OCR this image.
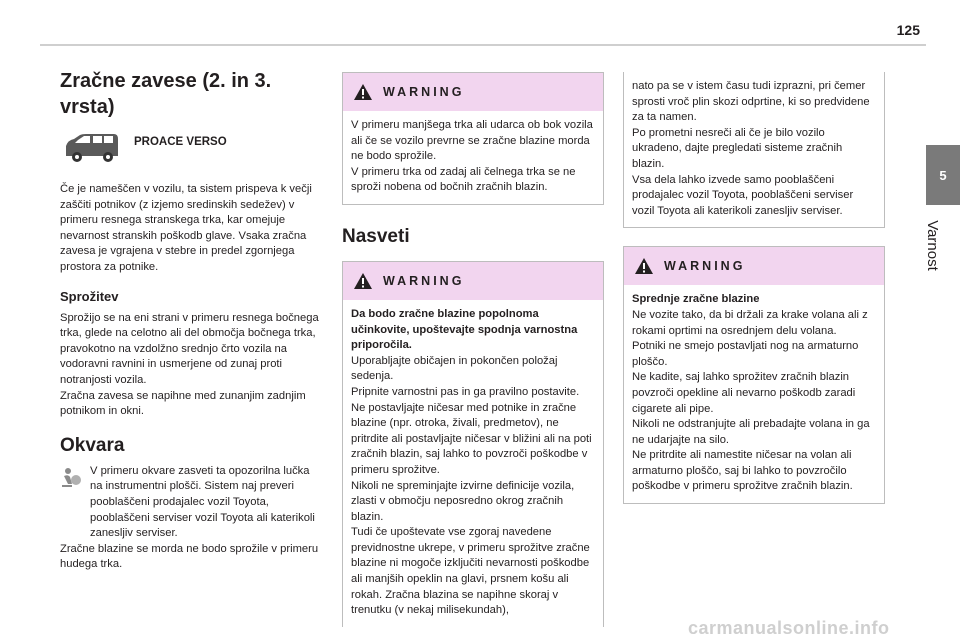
125
5
Varnost
Zračne zavese (2. in 3. vrsta)
PROACE VERSO

Če je nameščen v vozilu, ta sistem prispeva k večji zaščiti potnikov (z izjemo sredinskih sedežev) v primeru resnega stranskega trka, kar omejuje nevarnost stranskih poškodb glave. Vsaka zračna zavesa je vgrajena v stebre in predel zgornjega prostora za potnike.

Sprožitev

Sprožijo se na eni strani v primeru resnega bočnega trka, glede na celotno ali del območja bočnega trka, pravokotno na vzdolžno srednjo črto vozila na vodoravni ravnini in usmerjene od zunaj proti notranjosti vozila.

Zračna zavesa se napihne med zunanjim zadnjim potnikom in okni.

Okvara

V primeru okvare zasveti ta opozorilna lučka na instrumentni plošči. Sistem naj preveri pooblaščeni prodajalec vozil Toyota, pooblaščeni serviser vozil Toyota ali katerikoli zanesljiv serviser.

Zračne blazine se morda ne bodo sprožile v primeru hudega trka.

WARNING

V primeru manjšega trka ali udarca ob bok vozila ali če se vozilo prevrne se zračne blazine morda ne bodo sprožile.

V primeru trka od zadaj ali čelnega trka se ne sproži nobena od bočnih zračnih blazin.

Nasveti
WARNING

Da bodo zračne blazine popolnoma učinkovite, upoštevajte spodnja varnostna priporočila.

Uporabljajte običajen in pokončen položaj sedenja.

Pripnite varnostni pas in ga pravilno postavite.

Ne postavljajte ničesar med potnike in zračne blazine (npr. otroka, živali, predmetov), ne pritrdite ali postavljajte ničesar v bližini ali na poti zračnih blazin, saj lahko to povzroči poškodbe v primeru sprožitve.

Nikoli ne spreminjajte izvirne definicije vozila, zlasti v območju neposredno okrog zračnih blazin.

Tudi če upoštevate vse zgoraj navedene previdnostne ukrepe, v primeru sprožitve zračne blazine ni mogoče izključiti nevarnosti poškodbe ali manjših opeklin na glavi, prsnem košu ali rokah. Zračna blazina se napihne skoraj v trenutku (v nekaj milisekundah),

nato pa se v istem času tudi izprazni, pri čemer sprosti vroč plin skozi odprtine, ki so predvidene za ta namen.

Po prometni nesreči ali če je bilo vozilo ukradeno, dajte pregledati sisteme zračnih blazin.

Vsa dela lahko izvede samo pooblaščeni prodajalec vozil Toyota, pooblaščeni serviser vozil Toyota ali katerikoli zanesljiv serviser.

WARNING

Sprednje zračne blazine

Ne vozite tako, da bi držali za krake volana ali z rokami oprtimi na osrednjem delu volana.

Potniki ne smejo postavljati nog na armaturno ploščo.

Ne kadite, saj lahko sprožitev zračnih blazin povzroči opekline ali nevarno poškodb zaradi cigarete ali pipe.

Nikoli ne odstranjujte ali prebadajte volana in ga ne udarjajte na silo.

Ne pritrdite ali namestite ničesar na volan ali armaturno ploščo, saj bi lahko to povzročilo poškodbe v primeru sprožitve zračnih blazin.

carmanualsonline.info
